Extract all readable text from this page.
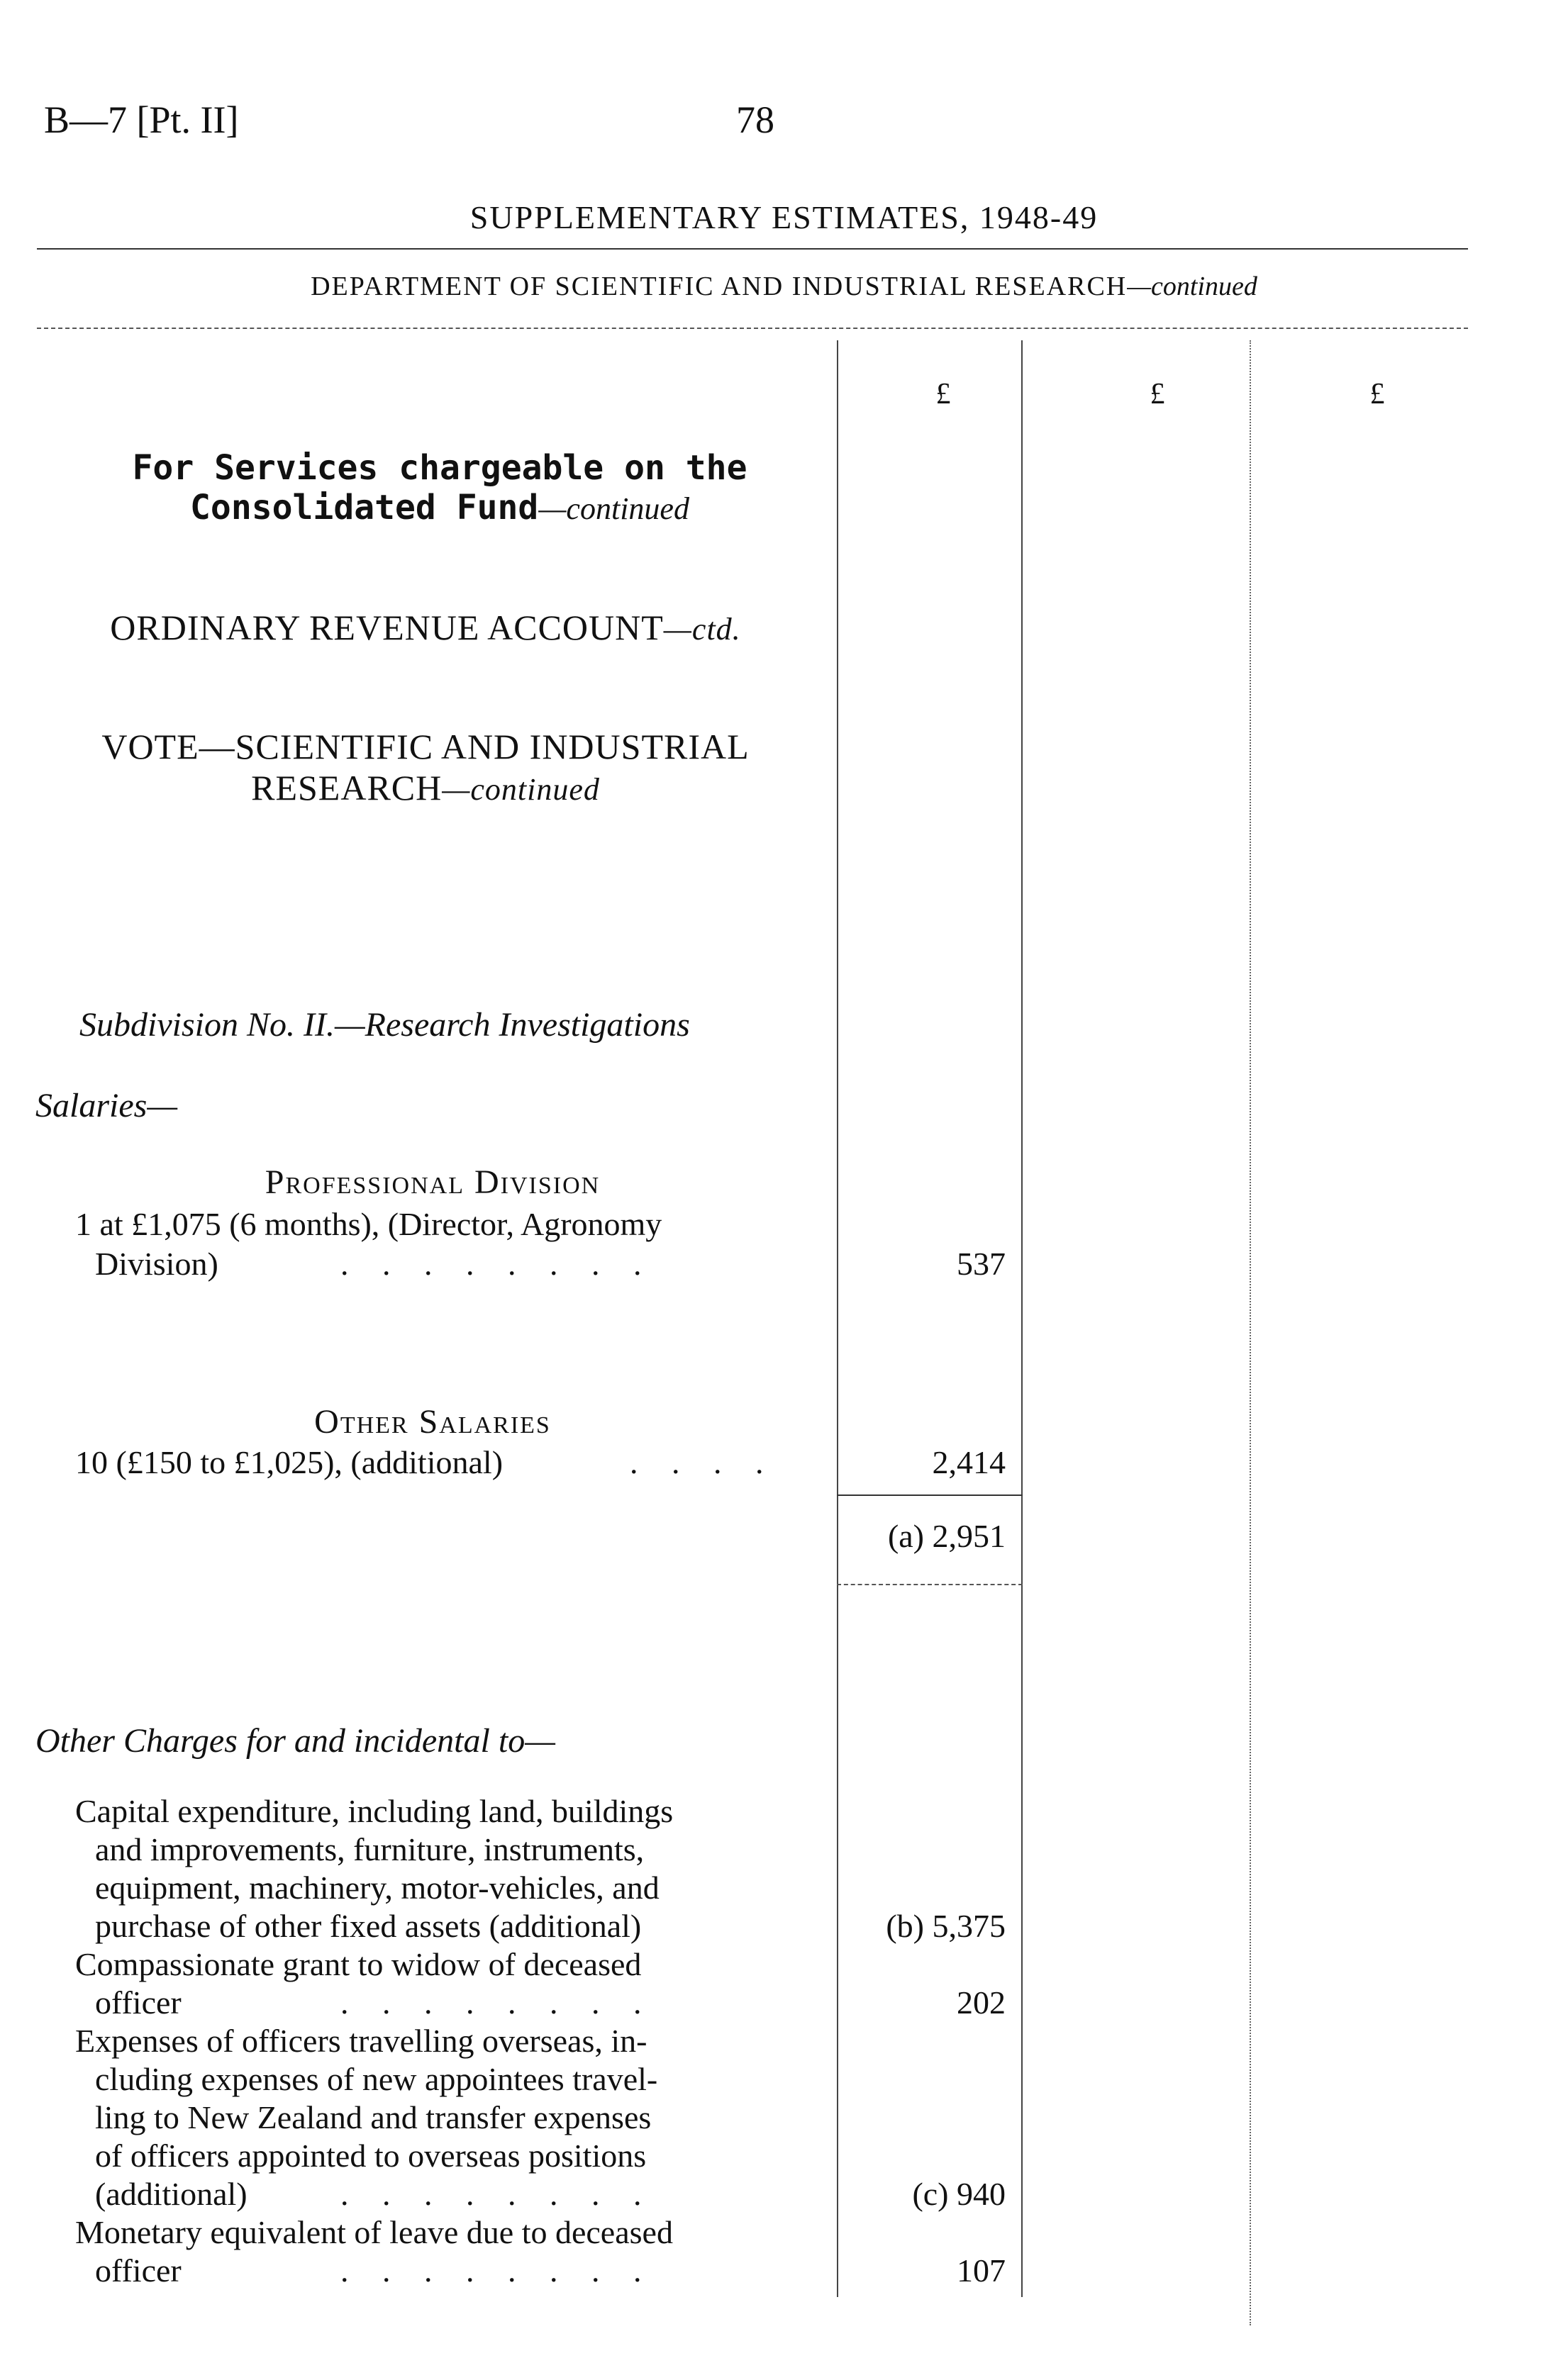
B—7 [Pt. II]	78
SUPPLEMENTARY ESTIMATES, 1948-49
DEPARTMENT OF SCIENTIFIC AND INDUSTRIAL RESEARCH—continued
£	£	£
For Services chargeable on the
Consolidated Fund—continued
ORDINARY REVENUE ACCOUNT—ctd.
VOTE—SCIENTIFIC AND INDUSTRIAL
RESEARCH—continued
Subdivision No. II.—Research Investigations
Salaries—
Professional Division
1 at £1,075 (6 months), (Director, Agronomy
Division)	. . . . . . . .	537
Other Salaries
10 (£150 to £1,025), (additional)	. . . .	2,414
(a) 2,951
Other Charges for and incidental to—
Capital expenditure, including land, buildings
and improvements, furniture, instruments,
equipment, machinery, motor-vehicles, and
purchase of other fixed assets (additional)	(b) 5,375
Compassionate grant to widow of deceased
officer	. . . . . . . .	202
Expenses of officers travelling overseas, in-
cluding expenses of new appointees travel-
ling to New Zealand and transfer expenses
of officers appointed to overseas positions
(additional)	. . . . . . . .	(c) 940
Monetary equivalent of leave due to deceased
officer	. . . . . . . .	107
